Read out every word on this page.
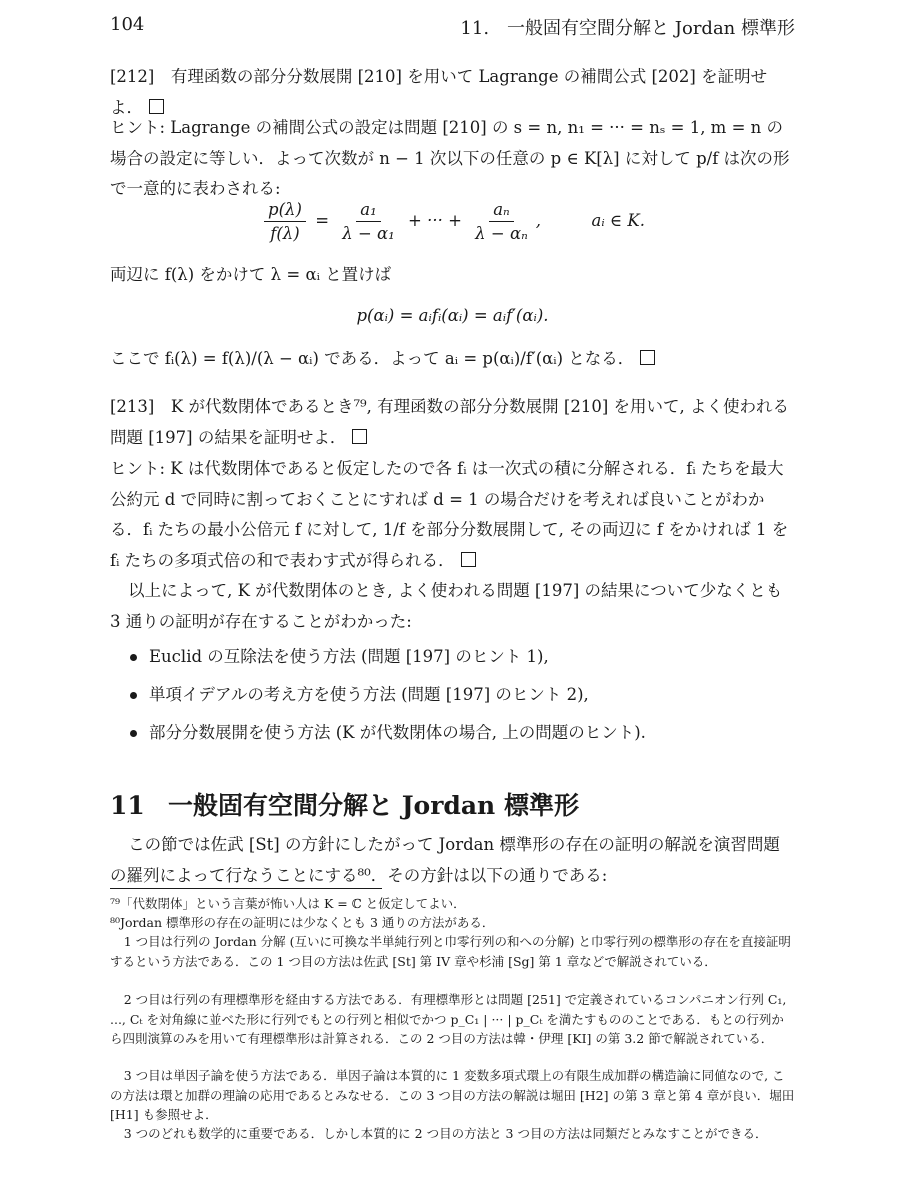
104	11.　一般固有空間分解と Jordan 標準形

[212]　有理函数の部分分数展開 [210] を用いて Lagrange の補間公式 [202] を証明せよ．

ヒント: Lagrange の補間公式の設定は問題 [210] の s = n, n₁ = ··· = nₛ = 1, m = n の場合の設定に等しい．よって次数が n − 1 次以下の任意の p ∈ K[λ] に対して p/f は次の形で一意的に表わされる:

$\frac{p(\lambda)}{f(\lambda)} = \frac{\text{a₁}}{\text{λ − α₁}}$ + ··· + $\frac{\text{aₙ}}{\text{λ − αₙ}}$ ,	aᵢ ∈ K.

両辺に f(λ) をかけて λ = αᵢ と置けば

p(αᵢ) = aᵢfᵢ(αᵢ) = aᵢf′(αᵢ).

ここで fᵢ(λ) = f(λ)/(λ − αᵢ) である．よって aᵢ = p(αᵢ)/f′(αᵢ) となる．

[213]　K が代数閉体であるとき⁷⁹, 有理函数の部分分数展開 [210] を用いて, よく使われる問題 [197] の結果を証明せよ．

ヒント: K は代数閉体であると仮定したので各 fᵢ は一次式の積に分解される．fᵢ たちを最大公約元 d で同時に割っておくことにすれば d = 1 の場合だけを考えれば良いことがわかる．fᵢ たちの最小公倍元 f に対して, 1/f を部分分数展開して, その両辺に f をかければ 1 を fᵢ たちの多項式倍の和で表わす式が得られる．

以上によって, K が代数閉体のとき, よく使われる問題 [197] の結果について少なくとも 3 通りの証明が存在することがわかった:

Euclid の互除法を使う方法 (問題 [197] のヒント 1),
単項イデアルの考え方を使う方法 (問題 [197] のヒント 2),
部分分数展開を使う方法 (K が代数閉体の場合, 上の問題のヒント).
11 一般固有空間分解と Jordan 標準形

この節では佐武 [St] の方針にしたがって Jordan 標準形の存在の証明の解説を演習問題の羅列によって行なうことにする⁸⁰．その方針は以下の通りである:

⁷⁹「代数閉体」という言葉が怖い人は K = ℂ と仮定してよい．

⁸⁰Jordan 標準形の存在の証明には少なくとも 3 通りの方法がある．

1 つ目は行列の Jordan 分解 (互いに可換な半単純行列と巾零行列の和への分解) と巾零行列の標準形の存在を直接証明するという方法である．この 1 つ目の方法は佐武 [St] 第 IV 章や杉浦 [Sg] 第 1 章などで解説されている．

2 つ目は行列の有理標準形を経由する方法である．有理標準形とは問題 [251] で定義されているコンパニオン行列 C₁, ..., Cₜ を対角線に並べた形に行列でもとの行列と相似でかつ p_C₁ | ··· | p_Cₜ を満たすもののことである．もとの行列から四則演算のみを用いて有理標準形は計算される．この 2 つ目の方法は韓・伊理 [KI] の第 3.2 節で解説されている．

3 つ目は単因子論を使う方法である．単因子論は本質的に 1 変数多項式環上の有限生成加群の構造論に同値なので, この方法は環と加群の理論の応用であるとみなせる．この 3 つ目の方法の解説は堀田 [H2] の第 3 章と第 4 章が良い．堀田 [H1] も参照せよ．

3 つのどれも数学的に重要である．しかし本質的に 2 つ目の方法と 3 つ目の方法は同類だとみなすことができる．
